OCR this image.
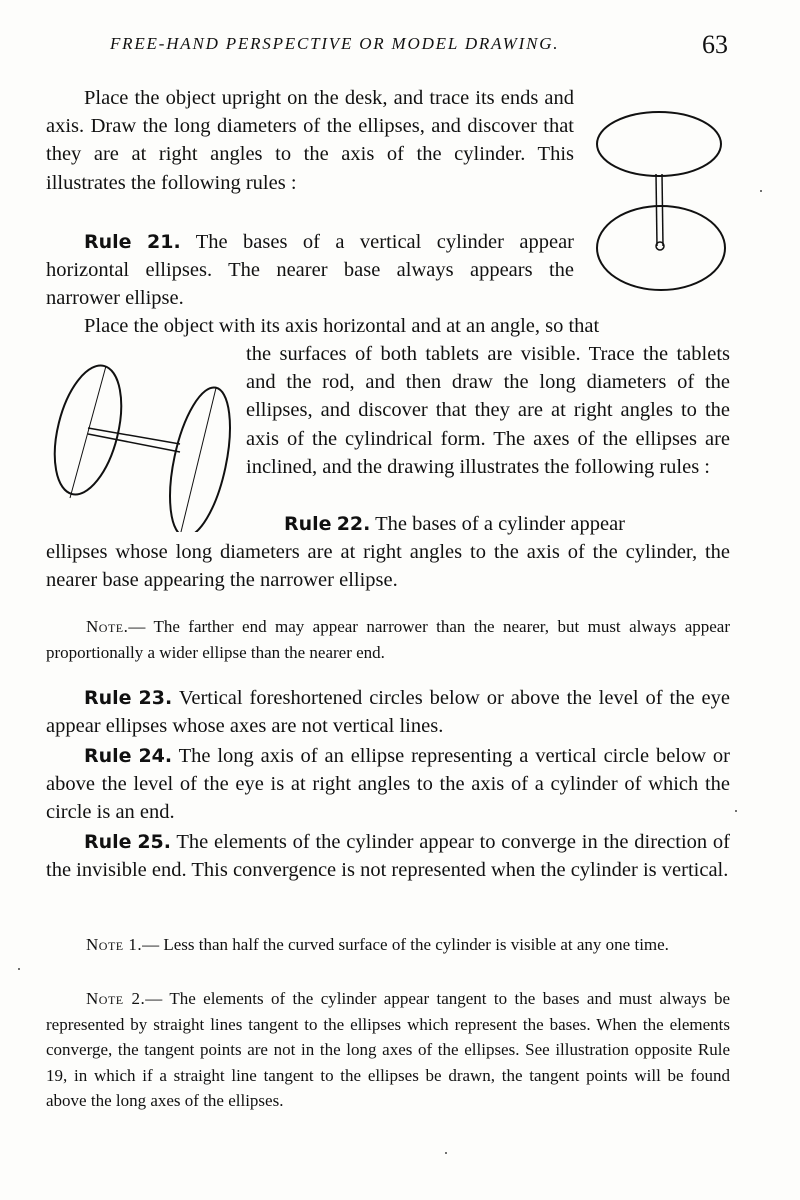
FREE-HAND PERSPECTIVE OR MODEL DRAWING.	63

Place the object upright on the desk, and trace its ends and axis. Draw the long diameters of the ellipses, and discover that they are at right angles to the axis of the cylinder. This illustrates the following rules :

Rule 21. The bases of a vertical cylinder appear horizontal ellipses. The nearer base always appears the narrower ellipse.

Place the object with its axis horizontal and at an angle, so that

the surfaces of both tablets are visible. Trace the tablets and the rod, and then draw the long diameters of the ellipses, and discover that they are at right angles to the axis of the cylindrical form. The axes of the ellipses are inclined, and the drawing illustrates the following rules :

Rule 22. The bases of a cylinder appear

ellipses whose long diameters are at right angles to the axis of the cylinder, the nearer base appearing the narrower ellipse.

Note.— The farther end may appear narrower than the nearer, but must always appear proportionally a wider ellipse than the nearer end.

Rule 23. Vertical foreshortened circles below or above the level of the eye appear ellipses whose axes are not vertical lines.

Rule 24. The long axis of an ellipse representing a vertical circle below or above the level of the eye is at right angles to the axis of a cylinder of which the circle is an end.

Rule 25. The elements of the cylinder appear to converge in the direction of the invisible end. This convergence is not represented when the cylinder is vertical.

Note 1.— Less than half the curved surface of the cylinder is visible at any one time.

Note 2.— The elements of the cylinder appear tangent to the bases and must always be represented by straight lines tangent to the ellipses which represent the bases. When the elements converge, the tangent points are not in the long axes of the ellipses. See illustration opposite Rule 19, in which if a straight line tangent to the ellipses be drawn, the tangent points will be found above the long axes of the ellipses.
